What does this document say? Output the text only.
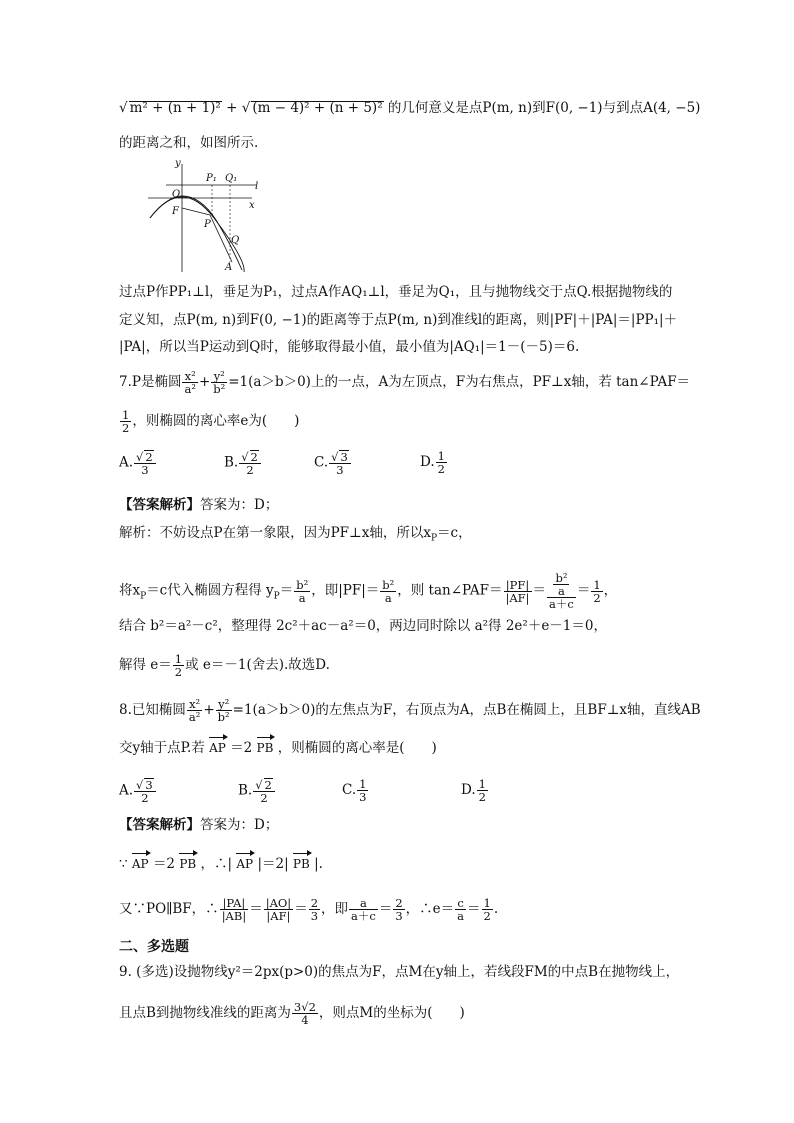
√ m² + (n + 1)² + √ (m − 4)² + (n + 5)² 的几何意义是点P(m, n)到F(0, −1)与到点A(4, −5)
的距离之和，如图所示.
y
O
P₁ Q₁
l
x
F
P
Q
A
过点P作PP₁⊥l，垂足为P₁，过点A作AQ₁⊥l，垂足为Q₁，且与抛物线交于点Q.根据抛物线的
定义知，点P(m, n)到F(0, −1)的距离等于点P(m, n)到准线l的距离，则|PF|＋|PA|＝|PP₁|＋
|PA|，所以当P运动到Q时，能够取得最小值，最小值为|AQ₁|＝1－(－5)＝6.
7.P是椭圆 $\frac{\text{x²}}{\text{a²}} + \frac{\text{y²}}{\text{b²}} =1(a>b>0)$上的一点，A为左顶点，F为右焦点，PF⊥x轴，若 tan∠PAF＝
$\frac{1}{2}$ ，则椭圆的离心率e为(　　)
A. $\frac{√ 2}{3}$	B. $\frac{√ 2}{2}$	C. $\frac{√ 3}{3}$	D. $\frac{1}{2}$
【答案解析】答案为：D；
解析：不妨设点P在第一象限，因为PF⊥x轴，所以$x_P=c$，
将$x_P=c$代入椭圆方程得 $y_P= \frac{\text{b²}}{a}$ ，即$|PF|= \frac{\text{b²}}{a}$ ，则 tan∠PAF＝ $\frac{|PF|}{|AF|} = \frac{\frac{\text{b²}}{a}}{a+c} = \frac{1}{2}$ ，
结合 b²＝a²－c²，整理得 2c²＋ac－a²＝0，两边同时除以 a²得 2e²＋e－1＝0，
解得 $e= \frac{1}{2}$ 或 e＝－1(舍去).故选D.
8.已知椭圆 $\frac{\text{x²}}{\text{a²}} + \frac{\text{y²}}{\text{b²}} =1(a>b>0)$的左焦点为F，右顶点为A，点B在椭圆上，且BF⊥x轴，直线AB
交y轴于点P.若 AP ＝2 PB ，则椭圆的离心率是(　　)
A. $\frac{√ 3}{2}$	B. $\frac{√ 2}{2}$	C. $\frac{1}{3}$	D. $\frac{1}{2}$
【答案解析】答案为：D；
∵ AP ＝2 PB ，∴| AP |＝2| PB |.
又∵PO∥BF，∴ $\frac{|PA|}{|AB|} = \frac{|AO|}{|AF|} = \frac{2}{3}$ ，即 $\frac{a}{a+c} = \frac{2}{3}$ ，∴e＝ $\frac{c}{a} = \frac{1}{2}$ .
二、多选题
9. (多选)设抛物线y²＝2px(p>0)的焦点为F，点M在y轴上，若线段FM的中点B在抛物线上，
且点B到抛物线准线的距离为 $\frac{3√2}{4}$ ，则点M的坐标为(　　)
